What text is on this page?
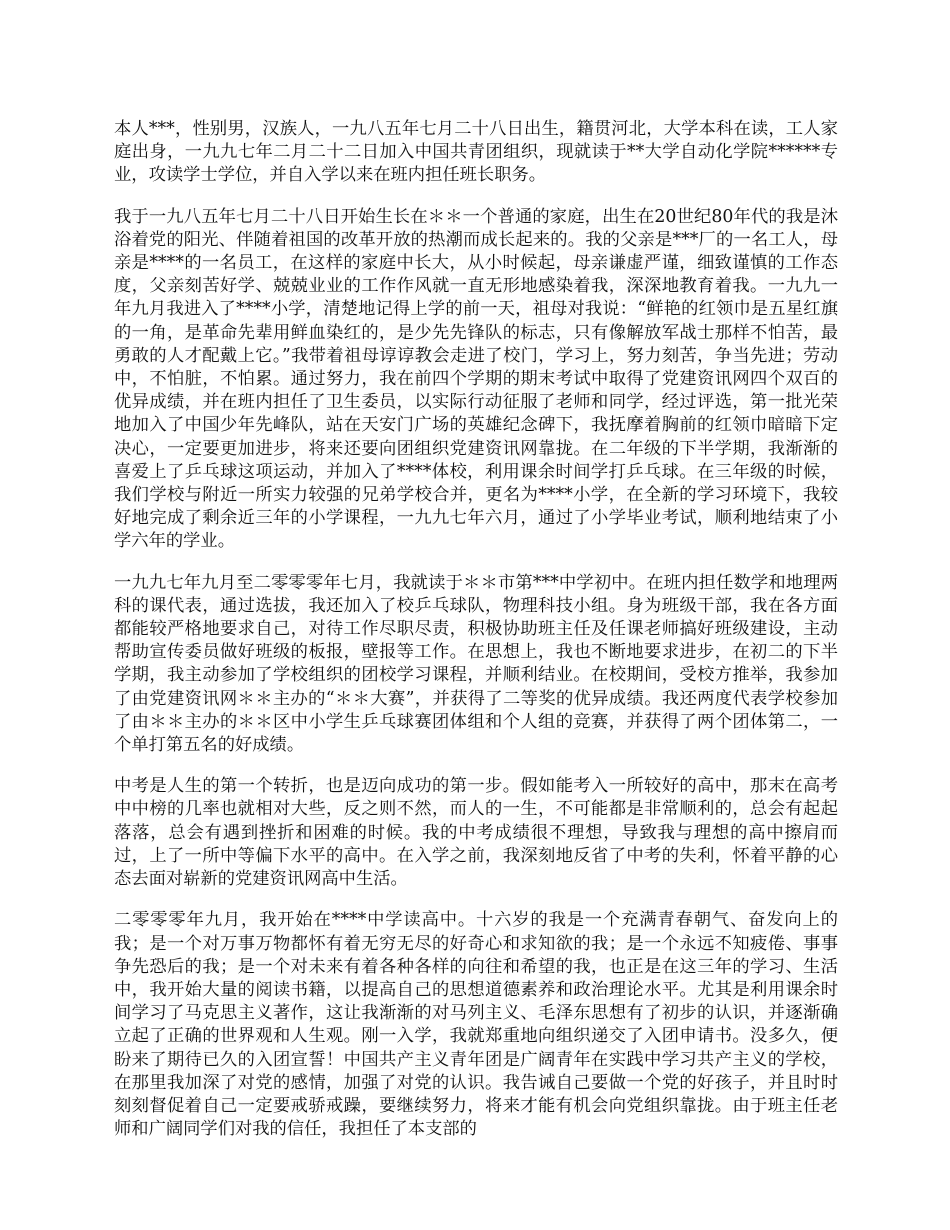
本人***，性别男，汉族人，一九八五年七月二十八日出生，籍贯河北，大学本科在读，工人家庭出身，一九九七年二月二十二日加入中国共青团组织，现就读于**大学自动化学院******专业，攻读学士学位，并自入学以来在班内担任班长职务。

我于一九八五年七月二十八日开始生长在＊＊一个普通的家庭，出生在20世纪80年代的我是沐浴着党的阳光、伴随着祖国的改革开放的热潮而成长起来的。我的父亲是***厂的一名工人，母亲是****的一名员工，在这样的家庭中长大，从小时候起，母亲谦虚严谨，细致谨慎的工作态度，父亲刻苦好学、兢兢业业的工作作风就一直无形地感染着我，深深地教育着我。一九九一年九月我进入了****小学，清楚地记得上学的前一天，祖母对我说：“鲜艳的红领巾是五星红旗的一角，是革命先辈用鲜血染红的，是少先先锋队的标志，只有像解放军战士那样不怕苦，最勇敢的人才配戴上它。”我带着祖母谆谆教会走进了校门，学习上，努力刻苦，争当先进；劳动中，不怕脏，不怕累。通过努力，我在前四个学期的期末考试中取得了党建资讯网四个双百的优异成绩，并在班内担任了卫生委员，以实际行动征服了老师和同学，经过评选，第一批光荣地加入了中国少年先峰队，站在天安门广场的英雄纪念碑下，我抚摩着胸前的红领巾暗暗下定决心，一定要更加进步，将来还要向团组织党建资讯网靠拢。在二年级的下半学期，我渐渐的喜爱上了乒乓球这项运动，并加入了****体校，利用课余时间学打乒乓球。在三年级的时候，我们学校与附近一所实力较强的兄弟学校合并，更名为****小学，在全新的学习环境下，我较好地完成了剩余近三年的小学课程，一九九七年六月，通过了小学毕业考试，顺利地结束了小学六年的学业。

一九九七年九月至二零零零年七月，我就读于＊＊市第***中学初中。在班内担任数学和地理两科的课代表，通过选拔，我还加入了校乒乓球队，物理科技小组。身为班级干部，我在各方面都能较严格地要求自己，对待工作尽职尽责，积极协助班主任及任课老师搞好班级建设，主动帮助宣传委员做好班级的板报，壁报等工作。在思想上，我也不断地要求进步，在初二的下半学期，我主动参加了学校组织的团校学习课程，并顺利结业。在校期间，受校方推举，我参加了由党建资讯网＊＊主办的“＊＊大赛”，并获得了二等奖的优异成绩。我还两度代表学校参加了由＊＊主办的＊＊区中小学生乒乓球赛团体组和个人组的竞赛，并获得了两个团体第二，一个单打第五名的好成绩。

中考是人生的第一个转折，也是迈向成功的第一步。假如能考入一所较好的高中，那末在高考中中榜的几率也就相对大些，反之则不然，而人的一生，不可能都是非常顺利的，总会有起起落落，总会有遇到挫折和困难的时候。我的中考成绩很不理想，导致我与理想的高中擦肩而过，上了一所中等偏下水平的高中。在入学之前，我深刻地反省了中考的失利，怀着平静的心态去面对崭新的党建资讯网高中生活。

二零零零年九月，我开始在****中学读高中。十六岁的我是一个充满青春朝气、奋发向上的我；是一个对万事万物都怀有着无穷无尽的好奇心和求知欲的我；是一个永远不知疲倦、事事争先恐后的我；是一个对未来有着各种各样的向往和希望的我，也正是在这三年的学习、生活中，我开始大量的阅读书籍，以提高自己的思想道德素养和政治理论水平。尤其是利用课余时间学习了马克思主义著作，这让我渐渐的对马列主义、毛泽东思想有了初步的认识，并逐渐确立起了正确的世界观和人生观。刚一入学，我就郑重地向组织递交了入团申请书。没多久，便盼来了期待已久的入团宣誓！中国共产主义青年团是广阔青年在实践中学习共产主义的学校，在那里我加深了对党的感情，加强了对党的认识。我告诫自己要做一个党的好孩子，并且时时刻刻督促着自己一定要戒骄戒躁，要继续努力，将来才能有机会向党组织靠拢。由于班主任老师和广阔同学们对我的信任，我担任了本支部的
